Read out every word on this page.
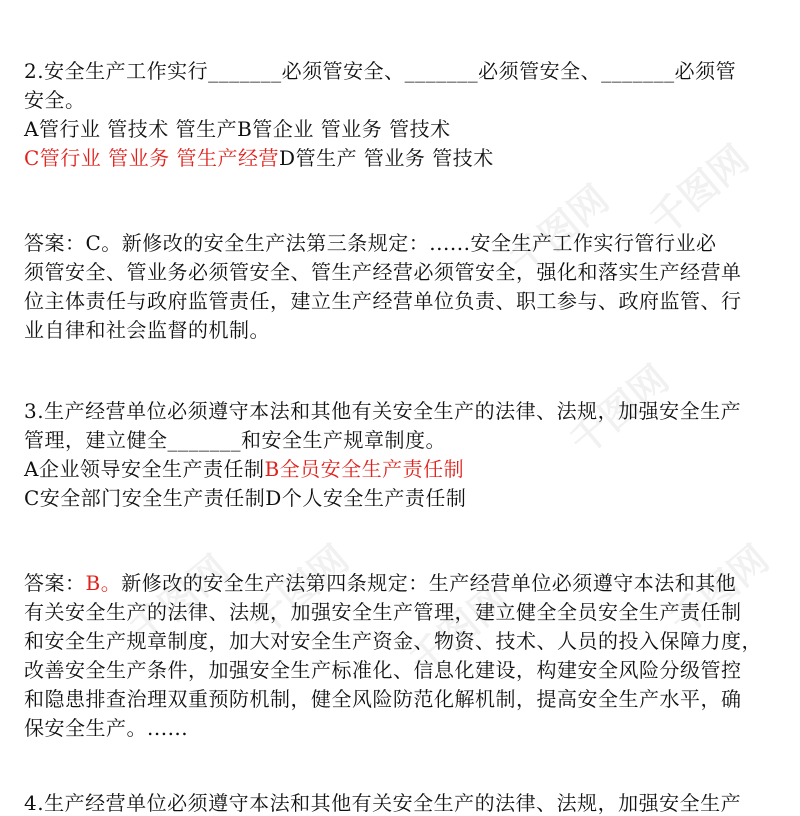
千图网 千图网
千图网
千图网
千图网 千图网 千图网
2.安全生产工作实行_______必须管安全、_______必须管安全、_______必须管
安全。
A管行业 管技术 管生产B管企业 管业务 管技术
C管行业 管业务 管生产经营D管生产 管业务 管技术
答案：C。新修改的安全生产法第三条规定：......安全生产工作实行管行业必
须管安全、管业务必须管安全、管生产经营必须管安全，强化和落实生产经营单
位主体责任与政府监管责任，建立生产经营单位负责、职工参与、政府监管、行
业自律和社会监督的机制。
3.生产经营单位必须遵守本法和其他有关安全生产的法律、法规，加强安全生产
管理，建立健全_______和安全生产规章制度。
A企业领导安全生产责任制B全员安全生产责任制
C安全部门安全生产责任制D个人安全生产责任制
答案：B。新修改的安全生产法第四条规定：生产经营单位必须遵守本法和其他
有关安全生产的法律、法规，加强安全生产管理，建立健全全员安全生产责任制
和安全生产规章制度，加大对安全生产资金、物资、技术、人员的投入保障力度，
改善安全生产条件，加强安全生产标准化、信息化建设，构建安全风险分级管控
和隐患排查治理双重预防机制，健全风险防范化解机制，提高安全生产水平，确
保安全生产。......
4.生产经营单位必须遵守本法和其他有关安全生产的法律、法规，加强安全生产
